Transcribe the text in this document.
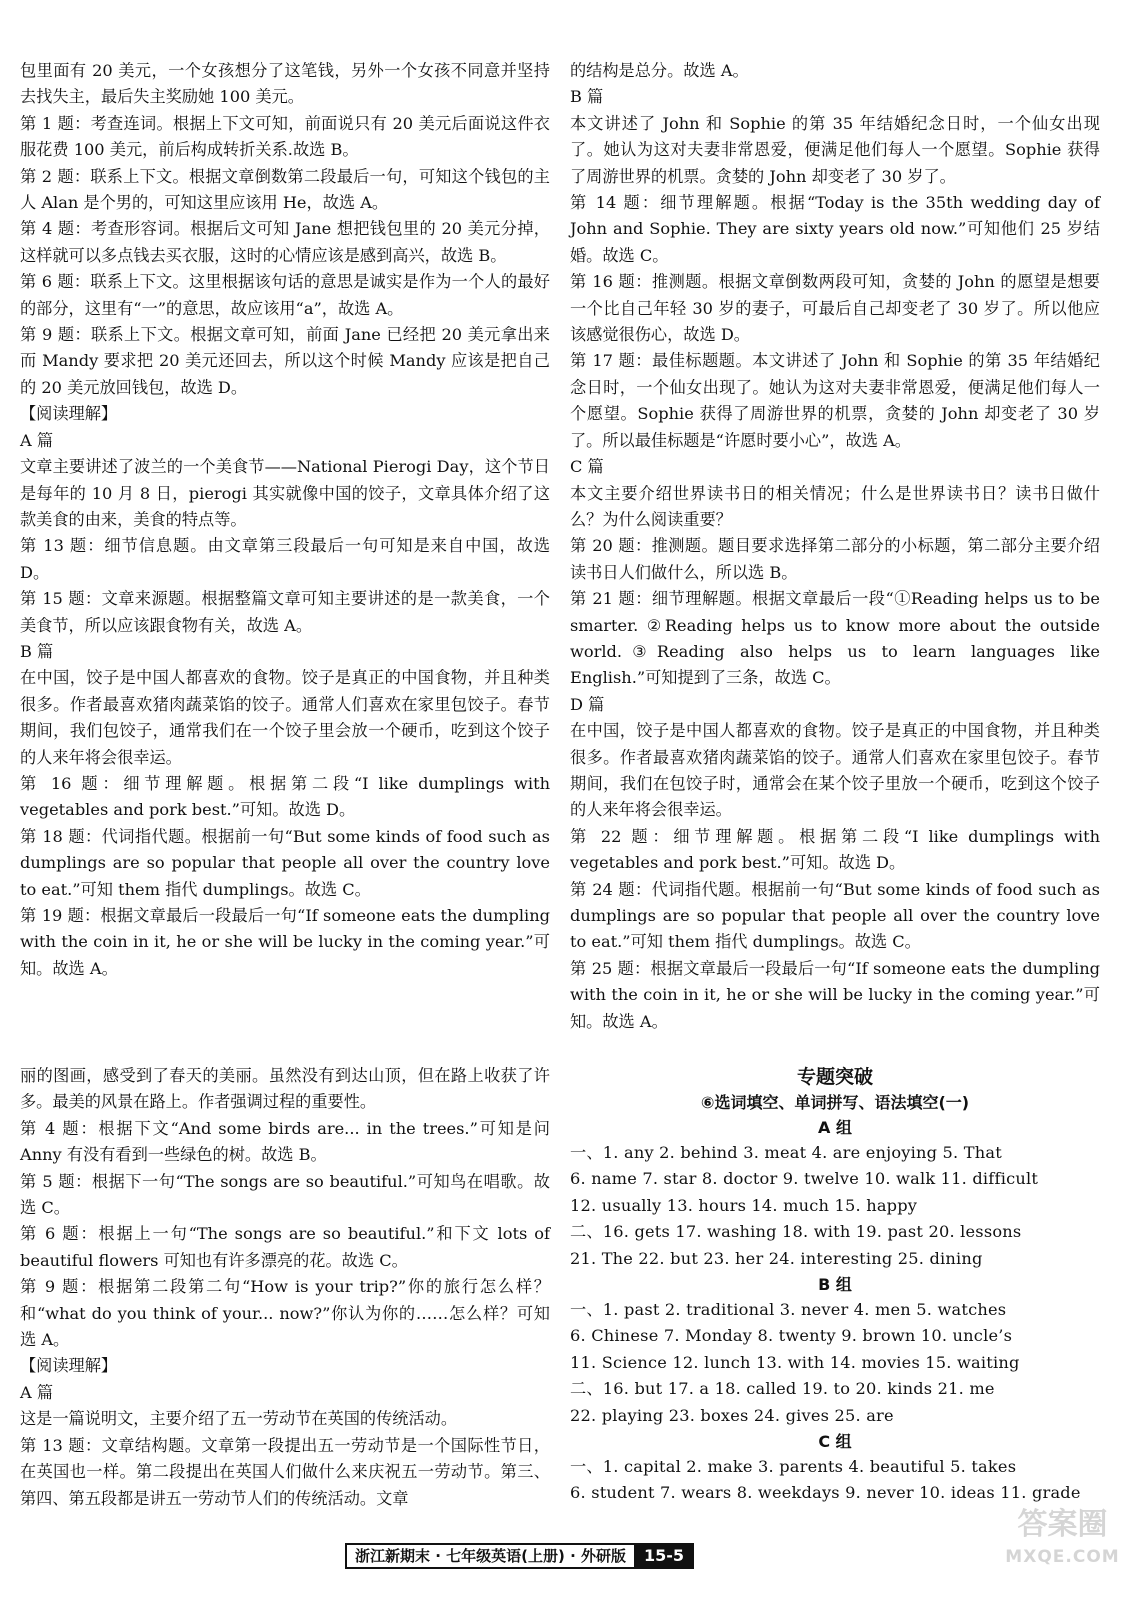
包里面有 20 美元，一个女孩想分了这笔钱，另外一个女孩不同意并坚持去找失主，最后失主奖励她 100 美元。

第 1 题：考查连词。根据上下文可知，前面说只有 20 美元后面说这件衣服花费 100 美元，前后构成转折关系.故选 B。

第 2 题：联系上下文。根据文章倒数第二段最后一句，可知这个钱包的主人 Alan 是个男的，可知这里应该用 He，故选 A。

第 4 题：考查形容词。根据后文可知 Jane 想把钱包里的 20 美元分掉，这样就可以多点钱去买衣服，这时的心情应该是感到高兴，故选 B。

第 6 题：联系上下文。这里根据该句话的意思是诚实是作为一个人的最好的部分，这里有“一”的意思，故应该用“a”，故选 A。

第 9 题：联系上下文。根据文章可知，前面 Jane 已经把 20 美元拿出来而 Mandy 要求把 20 美元还回去，所以这个时候 Mandy 应该是把自己的 20 美元放回钱包，故选 D。

【阅读理解】

A 篇

文章主要讲述了波兰的一个美食节——National Pierogi Day，这个节日是每年的 10 月 8 日，pierogi 其实就像中国的饺子，文章具体介绍了这款美食的由来，美食的特点等。

第 13 题：细节信息题。由文章第三段最后一句可知是来自中国，故选 D。

第 15 题：文章来源题。根据整篇文章可知主要讲述的是一款美食，一个美食节，所以应该跟食物有关，故选 A。

B 篇

在中国，饺子是中国人都喜欢的食物。饺子是真正的中国食物，并且种类很多。作者最喜欢猪肉蔬菜馅的饺子。通常人们喜欢在家里包饺子。春节期间，我们包饺子，通常我们在一个饺子里会放一个硬币，吃到这个饺子的人来年将会很幸运。

第 16 题：细节理解题。根据第二段“I like dumplings with vegetables and pork best.”可知。故选 D。

第 18 题：代词指代题。根据前一句“But some kinds of food such as dumplings are so popular that people all over the country love to eat.”可知 them 指代 dumplings。故选 C。

第 19 题：根据文章最后一段最后一句“If someone eats the dumpling with the coin in it, he or she will be lucky in the coming year.”可知。故选 A。

丽的图画，感受到了春天的美丽。虽然没有到达山顶，但在路上收获了许多。最美的风景在路上。作者强调过程的重要性。

第 4 题：根据下文“And some birds are... in the trees.”可知是问 Anny 有没有看到一些绿色的树。故选 B。

第 5 题：根据下一句“The songs are so beautiful.”可知鸟在唱歌。故选 C。

第 6 题：根据上一句“The songs are so beautiful.”和下文 lots of beautiful flowers 可知也有许多漂亮的花。故选 C。

第 9 题：根据第二段第二句“How is your trip?”你的旅行怎么样？和“what do you think of your... now?”你认为你的……怎么样？可知选 A。

【阅读理解】

A 篇

这是一篇说明文，主要介绍了五一劳动节在英国的传统活动。

第 13 题：文章结构题。文章第一段提出五一劳动节是一个国际性节日，在英国也一样。第二段提出在英国人们做什么来庆祝五一劳动节。第三、第四、第五段都是讲五一劳动节人们的传统活动。文章

的结构是总分。故选 A。

B 篇

本文讲述了 John 和 Sophie 的第 35 年结婚纪念日时，一个仙女出现了。她认为这对夫妻非常恩爱，便满足他们每人一个愿望。Sophie 获得了周游世界的机票。贪婪的 John 却变老了 30 岁了。

第 14 题：细节理解题。根据“Today is the 35th wedding day of John and Sophie. They are sixty years old now.”可知他们 25 岁结婚。故选 C。

第 16 题：推测题。根据文章倒数两段可知，贪婪的 John 的愿望是想要一个比自己年轻 30 岁的妻子，可最后自己却变老了 30 岁了。所以他应该感觉很伤心，故选 D。

第 17 题：最佳标题题。本文讲述了 John 和 Sophie 的第 35 年结婚纪念日时，一个仙女出现了。她认为这对夫妻非常恩爱，便满足他们每人一个愿望。Sophie 获得了周游世界的机票，贪婪的 John 却变老了 30 岁了。所以最佳标题是“许愿时要小心”，故选 A。

C 篇

本文主要介绍世界读书日的相关情况；什么是世界读书日？读书日做什么？为什么阅读重要？

第 20 题：推测题。题目要求选择第二部分的小标题，第二部分主要介绍读书日人们做什么，所以选 B。

第 21 题：细节理解题。根据文章最后一段“①Reading helps us to be smarter. ②Reading helps us to know more about the outside world.③Reading also helps us to learn languages like English.”可知提到了三条，故选 C。

D 篇

在中国，饺子是中国人都喜欢的食物。饺子是真正的中国食物，并且种类很多。作者最喜欢猪肉蔬菜馅的饺子。通常人们喜欢在家里包饺子。春节期间，我们在包饺子时，通常会在某个饺子里放一个硬币，吃到这个饺子的人来年将会很幸运。

第 22 题：细节理解题。根据第二段“I like dumplings with vegetables and pork best.”可知。故选 D。

第 24 题：代词指代题。根据前一句“But some kinds of food such as dumplings are so popular that people all over the country love to eat.”可知 them 指代 dumplings。故选 C。

第 25 题：根据文章最后一段最后一句“If someone eats the dumpling with the coin in it, he or she will be lucky in the coming year.”可知。故选 A。

专题突破

⑥选词填空、单词拼写、语法填空(一)

A 组

一、1. any 2. behind 3. meat 4. are enjoying 5. That

6. name 7. star 8. doctor 9. twelve 10. walk 11. difficult

12. usually 13. hours 14. much 15. happy

二、16. gets 17. washing 18. with 19. past 20. lessons

21. The 22. but 23. her 24. interesting 25. dining

B 组

一、1. past 2. traditional 3. never 4. men 5. watches

6. Chinese 7. Monday 8. twenty 9. brown 10. uncle’s

11. Science 12. lunch 13. with 14. movies 15. waiting

二、16. but 17. a 18. called 19. to 20. kinds 21. me

22. playing 23. boxes 24. gives 25. are

C 组

一、1. capital 2. make 3. parents 4. beautiful 5. takes

6. student 7. wears 8. weekdays 9. never 10. ideas 11. grade

浙江新期末 · 七年级英语(上册) · 外研版	15-5
答案圈
MXQE.COM
